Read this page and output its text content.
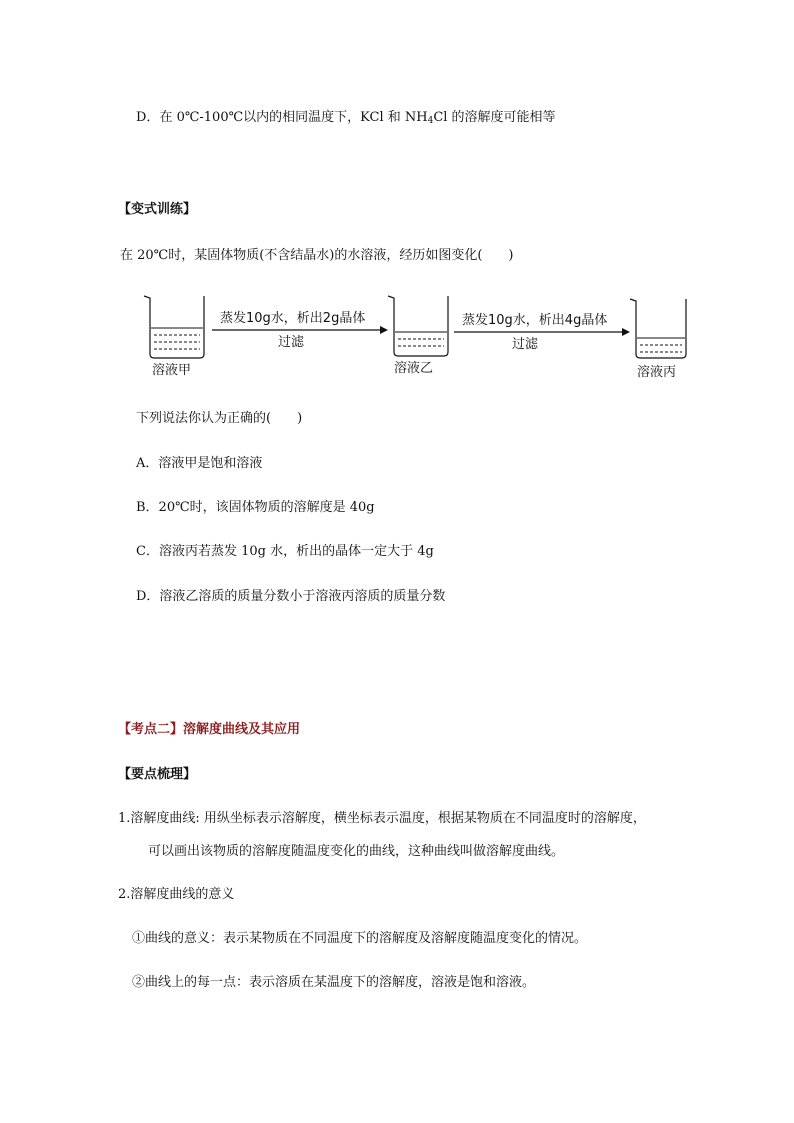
D．在 0℃-100℃以内的相同温度下，KCl 和 $NH_4Cl$ 的溶解度可能相等
【变式训练】
在 20℃时，某固体物质(不含结晶水)的水溶液，经历如图变化(　　)
溶液甲
蒸发10g水，析出2g晶体
过滤
溶液乙
蒸发10g水，析出4g晶体
过滤
溶液丙
下列说法你认为正确的(　　)
A．溶液甲是饱和溶液
B．20℃时，该固体物质的溶解度是 40g
C．溶液丙若蒸发 10g 水，析出的晶体一定大于 4g
D．溶液乙溶质的质量分数小于溶液丙溶质的质量分数
【考点二】溶解度曲线及其应用
【要点梳理】
1.溶解度曲线: 用纵坐标表示溶解度，横坐标表示温度，根据某物质在不同温度时的溶解度，
可以画出该物质的溶解度随温度变化的曲线，这种曲线叫做溶解度曲线。
2.溶解度曲线的意义
①曲线的意义：表示某物质在不同温度下的溶解度及溶解度随温度变化的情况。
②曲线上的每一点：表示溶质在某温度下的溶解度，溶液是饱和溶液。
